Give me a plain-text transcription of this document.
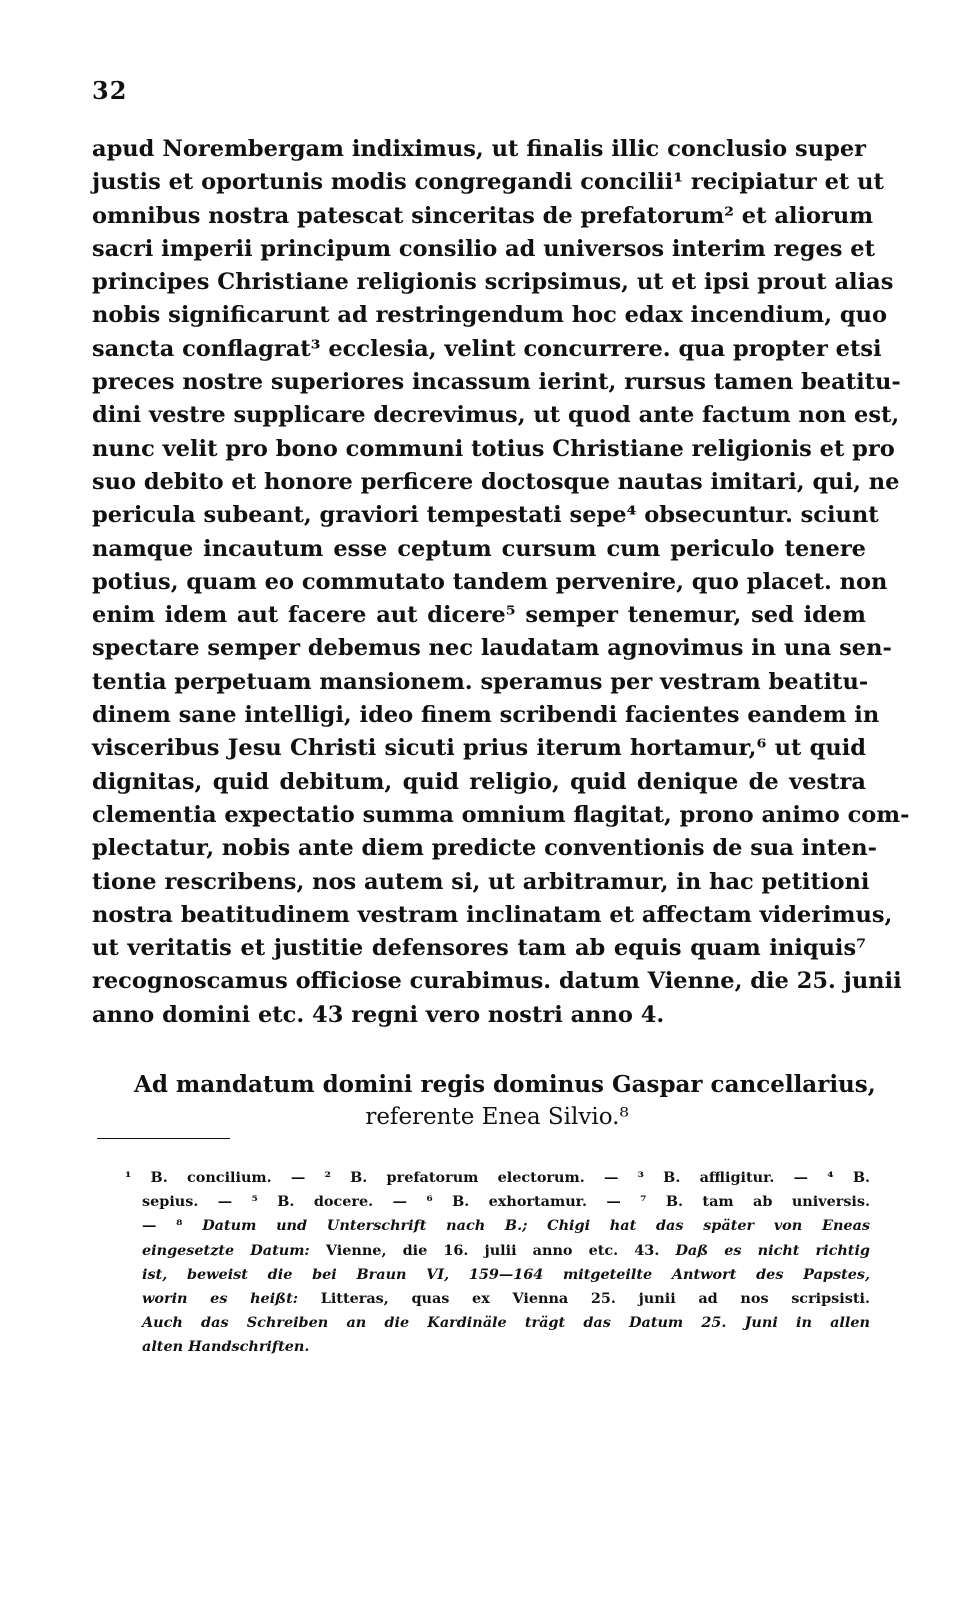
32
apud Norembergam indiximus, ut finalis illic conclusio super
justis et oportunis modis congregandi concilii¹ recipiatur et ut
omnibus nostra patescat sinceritas de prefatorum² et aliorum
sacri imperii principum consilio ad universos interim reges et
principes Christiane religionis scripsimus, ut et ipsi prout alias
nobis significarunt ad restringendum hoc edax incendium, quo
sancta conflagrat³ ecclesia, velint concurrere. qua propter etsi
preces nostre superiores incassum ierint, rursus tamen beatitu-
dini vestre supplicare decrevimus, ut quod ante factum non est,
nunc velit pro bono communi totius Christiane religionis et pro
suo debito et honore perficere doctosque nautas imitari, qui, ne
pericula subeant, graviori tempestati sepe⁴ obsecuntur. sciunt
namque incautum esse ceptum cursum cum periculo tenere
potius, quam eo commutato tandem pervenire, quo placet. non
enim idem aut facere aut dicere⁵ semper tenemur, sed idem
spectare semper debemus nec laudatam agnovimus in una sen-
tentia perpetuam mansionem. speramus per vestram beatitu-
dinem sane intelligi, ideo finem scribendi facientes eandem in
visceribus Jesu Christi sicuti prius iterum hortamur,⁶ ut quid
dignitas, quid debitum, quid religio, quid denique de vestra
clementia expectatio summa omnium flagitat, prono animo com-
plectatur, nobis ante diem predicte conventionis de sua inten-
tione rescribens, nos autem si, ut arbitramur, in hac petitioni
nostra beatitudinem vestram inclinatam et affectam viderimus,
ut veritatis et justitie defensores tam ab equis quam iniquis⁷
recognoscamus officiose curabimus. datum Vienne, die 25. junii
anno domini etc. 43 regni vero nostri anno 4.
Ad mandatum domini regis dominus Gaspar cancellarius,
referente Enea Silvio.⁸
¹ B. concilium. — ² B. prefatorum electorum. — ³ B. affligitur. — ⁴ B.
sepius. — ⁵ B. docere. — ⁶ B. exhortamur. — ⁷ B. tam ab universis.
— ⁸ Datum und Unterschrift nach B.; Chigi hat das später von Eneas
eingesetzte Datum: Vienne, die 16. julii anno etc. 43. Daß es nicht richtig
ist, beweist die bei Braun VI, 159—164 mitgeteilte Antwort des Papstes,
worin es heißt: Litteras, quas ex Vienna 25. junii ad nos scripsisti.
Auch das Schreiben an die Kardinäle trägt das Datum 25. Juni in allen
alten Handschriften.
